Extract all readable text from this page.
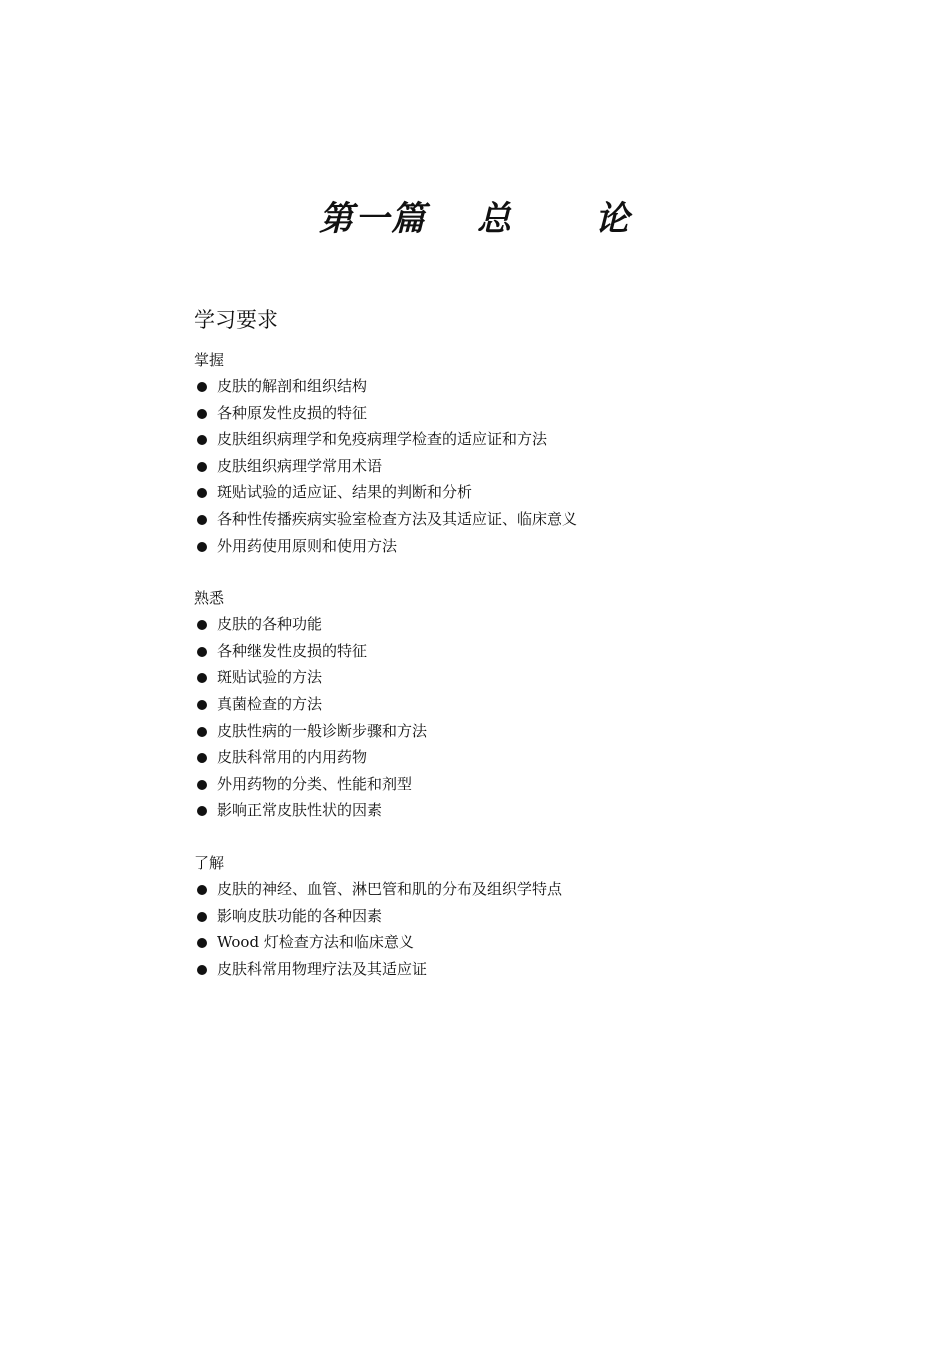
第一篇 总 论
学习要求
掌握
皮肤的解剖和组织结构
各种原发性皮损的特征
皮肤组织病理学和免疫病理学检查的适应证和方法
皮肤组织病理学常用术语
斑贴试验的适应证、结果的判断和分析
各种性传播疾病实验室检查方法及其适应证、临床意义
外用药使用原则和使用方法
熟悉
皮肤的各种功能
各种继发性皮损的特征
斑贴试验的方法
真菌检查的方法
皮肤性病的一般诊断步骤和方法
皮肤科常用的内用药物
外用药物的分类、性能和剂型
影响正常皮肤性状的因素
了解
皮肤的神经、血管、淋巴管和肌的分布及组织学特点
影响皮肤功能的各种因素
Wood 灯检查方法和临床意义
皮肤科常用物理疗法及其适应证
